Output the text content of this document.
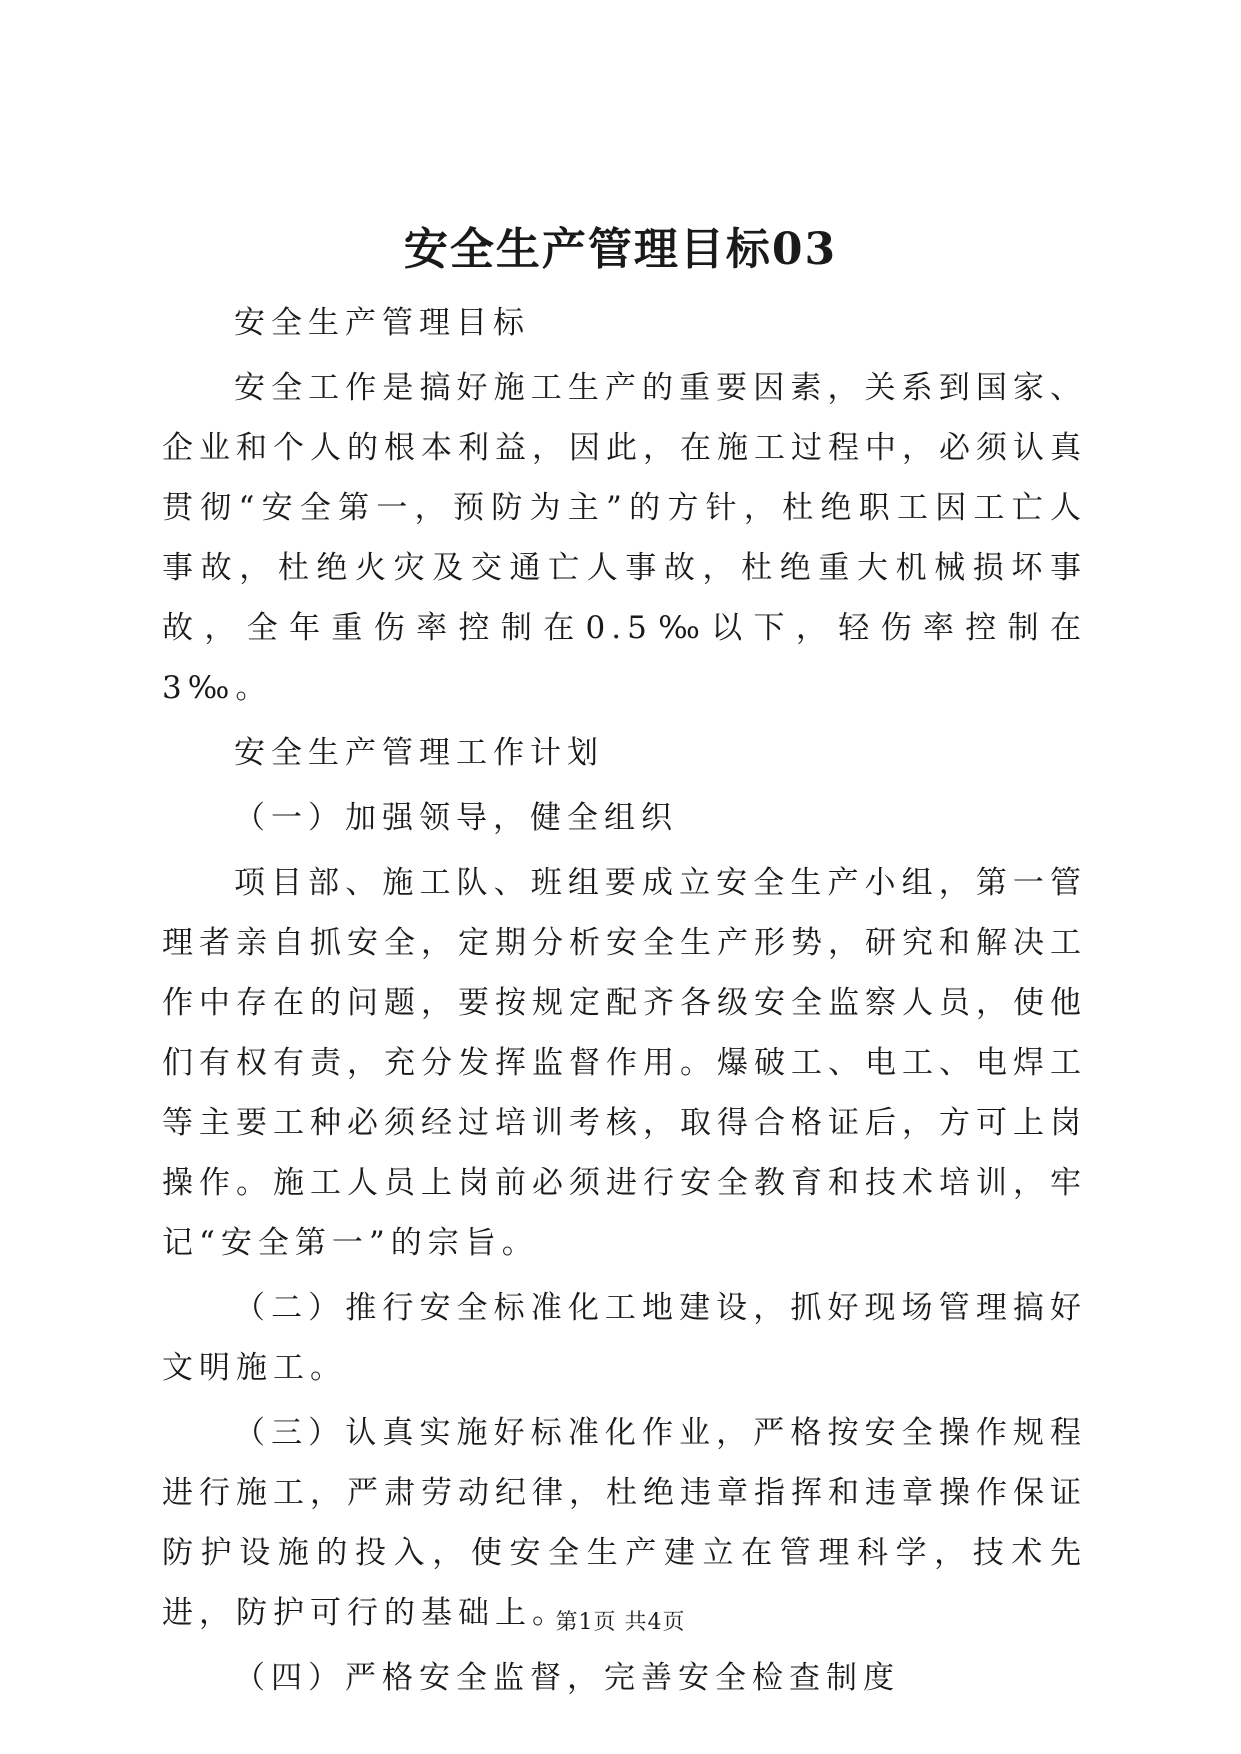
安全生产管理目标03

安全生产管理目标

安全工作是搞好施工生产的重要因素，关系到国家、企业和个人的根本利益，因此，在施工过程中，必须认真贯彻“安全第一，预防为主”的方针，杜绝职工因工亡人事故，杜绝火灾及交通亡人事故，杜绝重大机械损坏事故，全年重伤率控制在0.5‰以下，轻伤率控制在3‰。

安全生产管理工作计划

（一）加强领导，健全组织

项目部、施工队、班组要成立安全生产小组，第一管理者亲自抓安全，定期分析安全生产形势，研究和解决工作中存在的问题，要按规定配齐各级安全监察人员，使他们有权有责，充分发挥监督作用。爆破工、电工、电焊工等主要工种必须经过培训考核，取得合格证后，方可上岗操作。施工人员上岗前必须进行安全教育和技术培训，牢记“安全第一”的宗旨。

（二）推行安全标准化工地建设，抓好现场管理搞好文明施工。

（三）认真实施好标准化作业，严格按安全操作规程进行施工，严肃劳动纪律，杜绝违章指挥和违章操作保证防护设施的投入，使安全生产建立在管理科学，技术先进，防护可行的基础上。

（四）严格安全监督，完善安全检查制度

第1页 共4页
